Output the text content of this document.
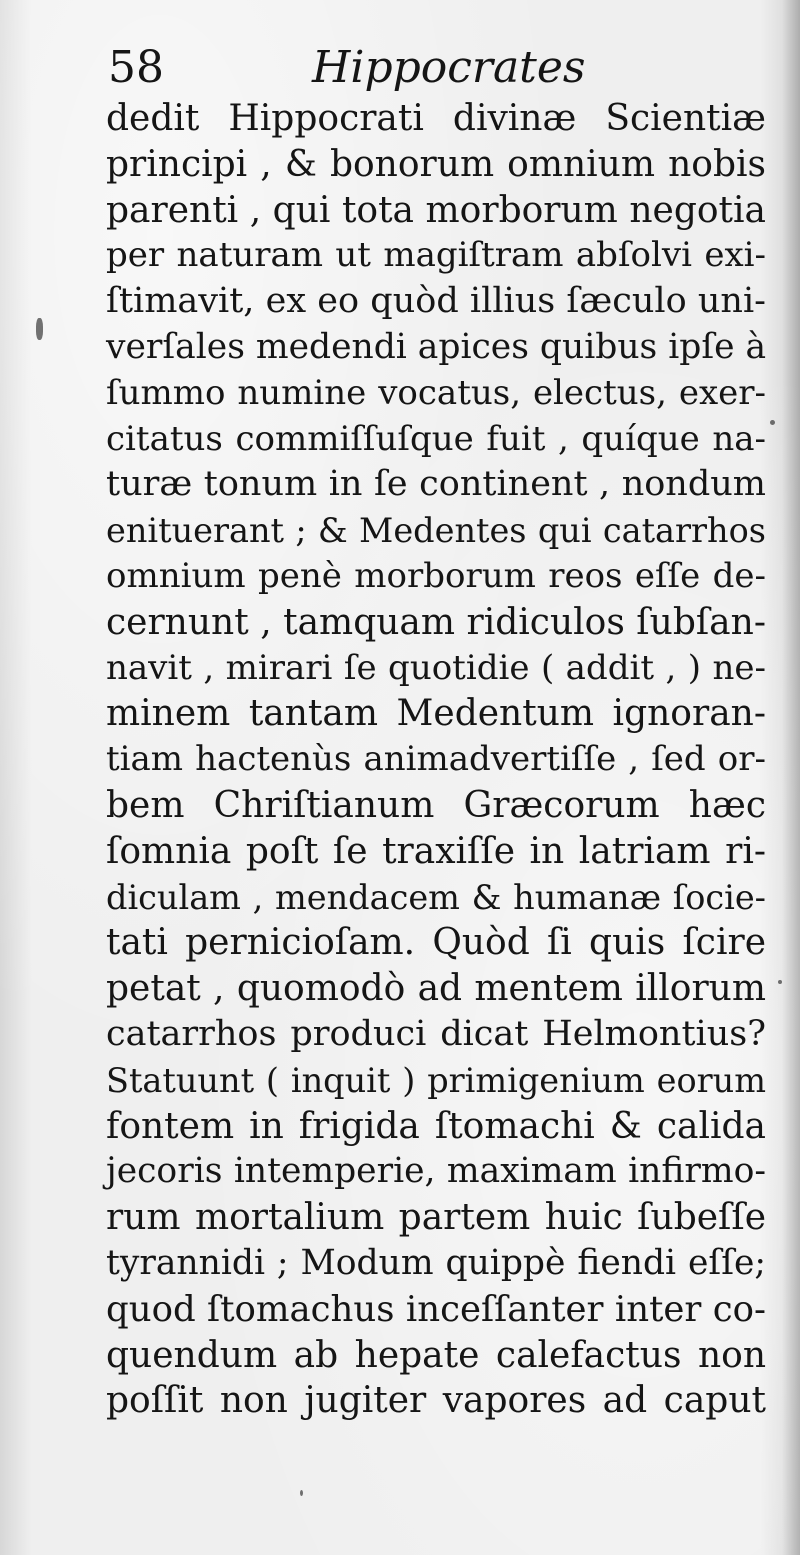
58	Hippocrates
dedit Hippocrati divinæ Scientiæ
principi , & bonorum omnium nobis
parenti , qui tota morborum negotia
per naturam ut magiſtram abſolvi exi-
ſtimavit, ex eo quòd illius ſæculo uni-
verſales medendi apices quibus ipſe à
ſummo numine vocatus, electus, exer-
citatus commiſſuſque fuit , quíque na-
turæ tonum in ſe continent , nondum
enituerant ; & Medentes qui catarrhos
omnium penè morborum reos eſſe de-
cernunt , tamquam ridiculos ſubſan-
navit , mirari ſe quotidie ( addit , ) ne-
minem tantam Medentum ignoran-
tiam hactenùs animadvertiſſe , ſed or-
bem Chriſtianum Græcorum hæc
ſomnia poſt ſe traxiſſe in latriam ri-
diculam , mendacem & humanæ ſocie-
tati pernicioſam. Quòd ſi quis ſcire
petat , quomodò ad mentem illorum
catarrhos produci dicat Helmontius?
Statuunt ( inquit ) primigenium eorum
fontem in frigida ſtomachi & calida
jecoris intemperie, maximam infirmo-
rum mortalium partem huic ſubeſſe
tyrannidi ; Modum quippè fiendi eſſe;
quod ſtomachus inceſſanter inter co-
quendum ab hepate calefactus non
poſſit non jugiter vapores ad caput
